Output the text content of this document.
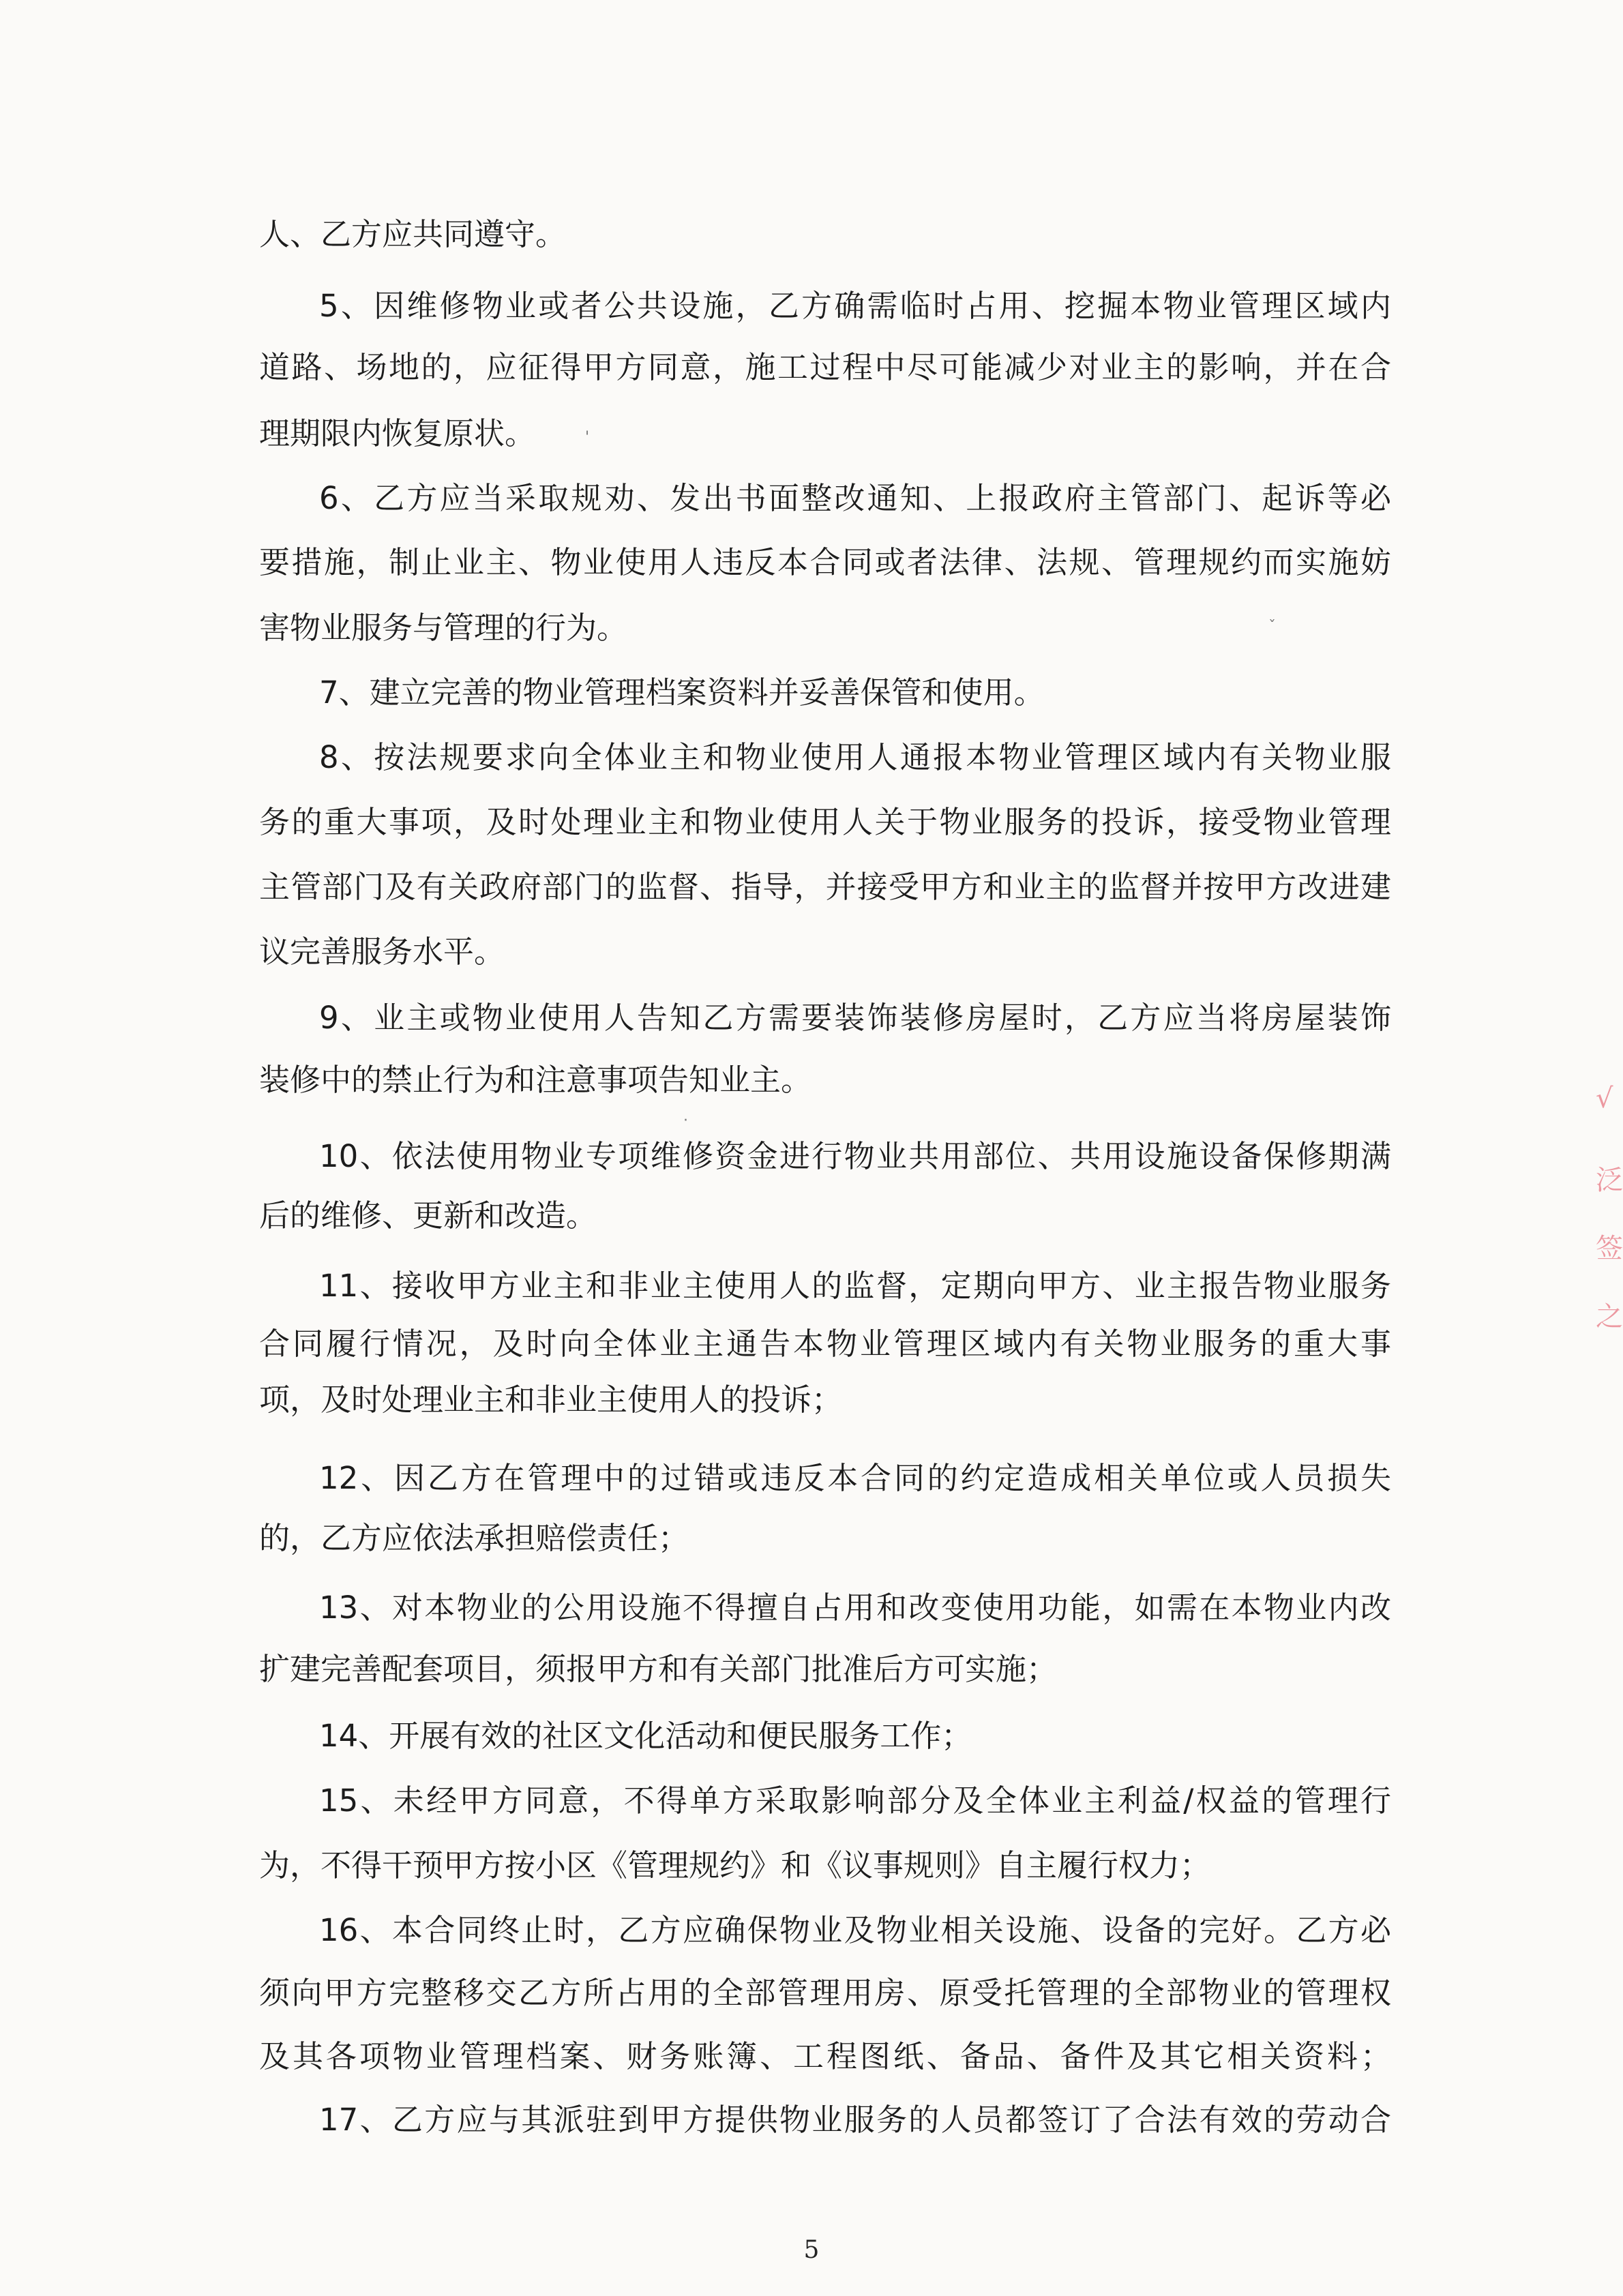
人、乙方应共同遵守。

5、因维修物业或者公共设施，乙方确需临时占用、挖掘本物业管理区域内

道路、场地的，应征得甲方同意，施工过程中尽可能减少对业主的影响，并在合

理期限内恢复原状。

6、乙方应当采取规劝、发出书面整改通知、上报政府主管部门、起诉等必

要措施，制止业主、物业使用人违反本合同或者法律、法规、管理规约而实施妨

害物业服务与管理的行为。

7、建立完善的物业管理档案资料并妥善保管和使用。

8、按法规要求向全体业主和物业使用人通报本物业管理区域内有关物业服

务的重大事项，及时处理业主和物业使用人关于物业服务的投诉，接受物业管理

主管部门及有关政府部门的监督、指导，并接受甲方和业主的监督并按甲方改进建

议完善服务水平。

9、业主或物业使用人告知乙方需要装饰装修房屋时，乙方应当将房屋装饰

装修中的禁止行为和注意事项告知业主。

10、依法使用物业专项维修资金进行物业共用部位、共用设施设备保修期满

后的维修、更新和改造。

11、接收甲方业主和非业主使用人的监督，定期向甲方、业主报告物业服务

合同履行情况，及时向全体业主通告本物业管理区域内有关物业服务的重大事

项，及时处理业主和非业主使用人的投诉；

12、因乙方在管理中的过错或违反本合同的约定造成相关单位或人员损失

的，乙方应依法承担赔偿责任；

13、对本物业的公用设施不得擅自占用和改变使用功能，如需在本物业内改

扩建完善配套项目，须报甲方和有关部门批准后方可实施；

14、开展有效的社区文化活动和便民服务工作；

15、未经甲方同意，不得单方采取影响部分及全体业主利益/权益的管理行

为，不得干预甲方按小区《管理规约》和《议事规则》自主履行权力；

16、本合同终止时，乙方应确保物业及物业相关设施、设备的完好。乙方必

须向甲方完整移交乙方所占用的全部管理用房、原受托管理的全部物业的管理权

及其各项物业管理档案、财务账簿、工程图纸、备品、备件及其它相关资料；

17、乙方应与其派驻到甲方提供物业服务的人员都签订了合法有效的劳动合

5
√
泛
签
之
'
ˇ
·
